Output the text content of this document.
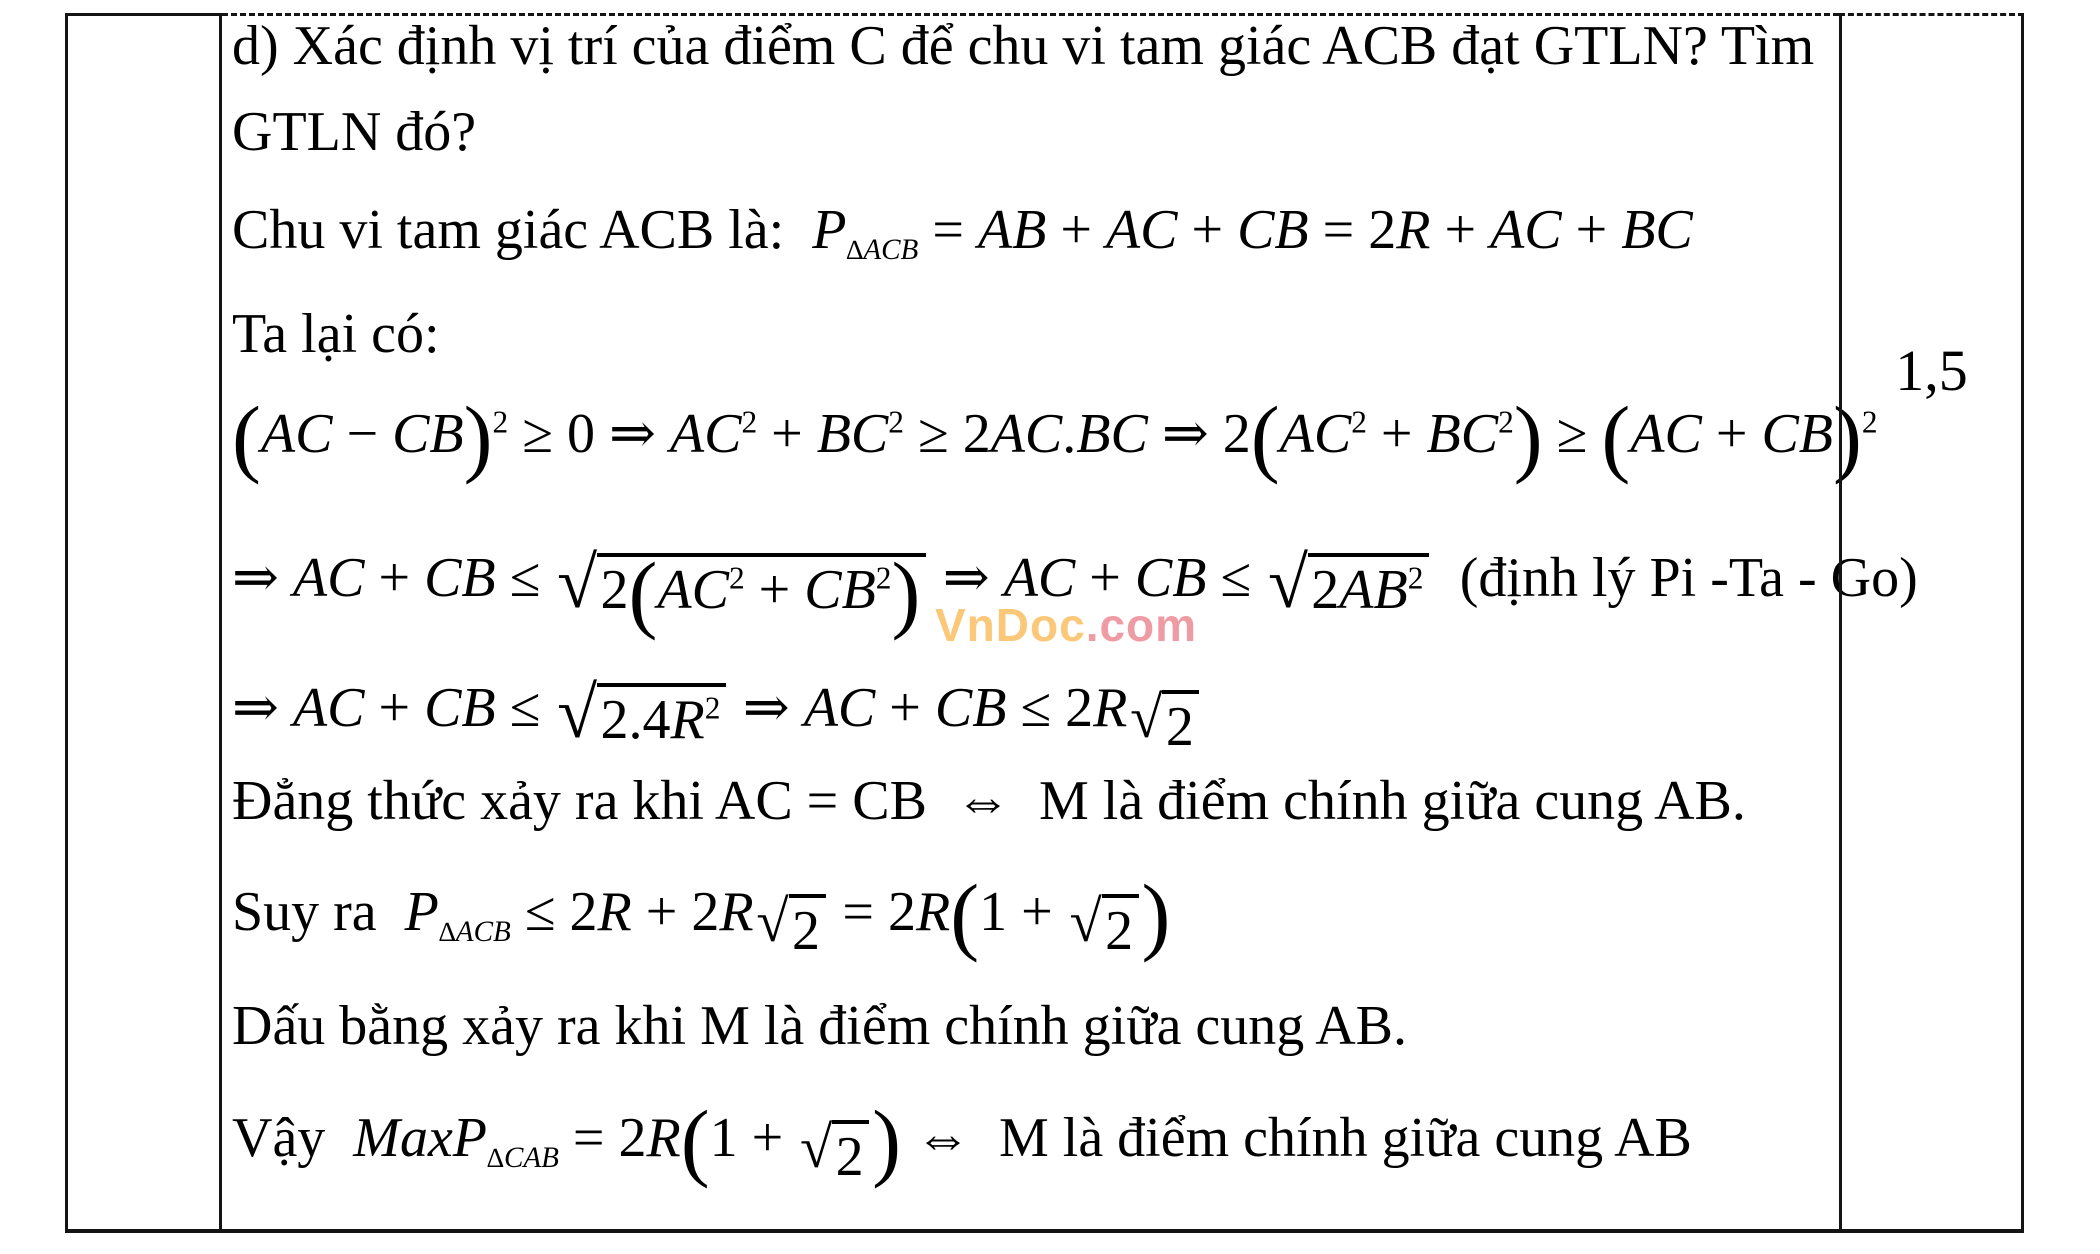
d) Xác định vị trí của điểm C để chu vi tam giác ACB đạt GTLN? Tìm
GTLN đó?
Chu vi tam giác ACB là:  $P_{\Delta ACB}$ = AB + AC + CB = 2R + AC + BC
Ta lại có:
(AC − CB)$^2$ ≥ 0 ⇒ $AC^2 + BC^2 \ge 2AC.BC$ ⇒ $2(AC^2 + BC^2) \ge (AC + CB)^2$
⇒ AC + CB ≤ √ $2(AC^2 + CB^2)$ ⇒ AC + CB ≤ √ $2AB^2$ (định lý Pi -Ta - Go)
⇒ AC + CB ≤ √ $2.4R^2$ ⇒ AC + CB ≤ 2R √ 2
Đẳng thức xảy ra khi AC = CB  ⇔  M là điểm chính giữa cung AB.
Suy ra  $P_{\Delta ACB} \le 2R + 2R$ √ 2 = 2R(1 + √ 2 )
Dấu bằng xảy ra khi M là điểm chính giữa cung AB.
Vậy  MaxP$_{\Delta CAB}$ = 2R(1 + √ 2 ) ⇔  M là điểm chính giữa cung AB
VnDoc.com
1,5
